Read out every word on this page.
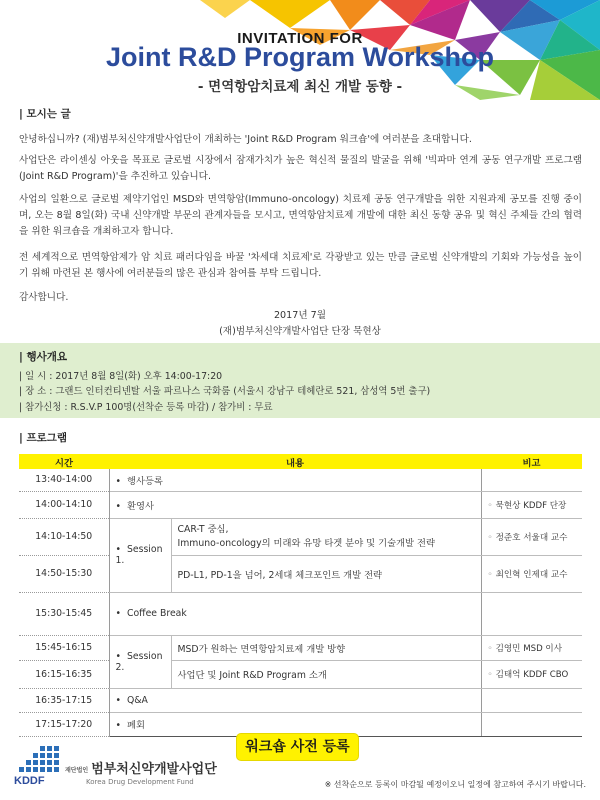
INVITATION FOR
Joint R&D Program Workshop
- 면역항암치료제 최신 개발 동향 -
| 모시는 글
안녕하십니까? (재)범부처신약개발사업단이 개최하는 'Joint R&D Program 워크숍'에 여러분을 초대합니다.
사업단은 라이센싱 아웃을 목표로 글로벌 시장에서 잠재가치가 높은 혁신적 물질의 발굴을 위해 '빅파마 연계 공동 연구개발 프로그램(Joint R&D Program)'을 추진하고 있습니다.
사업의 일환으로 글로벌 제약기업인 MSD와 면역항암(Immuno-oncology) 치료제 공동 연구개발을 위한 지원과제 공모를 진행 중이며, 오는 8월 8일(화) 국내 신약개발 부문의 관계자들을 모시고, 면역항암치료제 개발에 대한 최신 동향 공유 및 혁신 주체들 간의 협력을 위한 워크숍을 개최하고자 합니다.
전 세계적으로 면역항암제가 암 치료 패러다임을 바꿀 '차세대 치료제'로 각광받고 있는 만큼 글로벌 신약개발의 기회와 가능성을 높이기 위해 마련된 본 행사에 여러분들의 많은 관심과 참여를 부탁 드립니다.
감사합니다.
2017년 7월
(재)범부처신약개발사업단 단장 묵현상
| 행사개요
| 일 시 : 2017년 8월 8일(화) 오후 14:00-17:20
| 장 소 : 그랜드 인터컨티넨탈 서울 파르나스 국화룸 (서울시 강남구 테헤란로 521, 삼성역 5번 출구)
| 참가신청 : R.S.V.P 100명(선착순 등록 마감) / 참가비 : 무료
| 프로그램
시간	내용		비고
13:40-14:00	• 행사등록	
14:00-14:10	• 환영사		◦ 묵현상 KDDF 단장
14:10-14:50	• Session 1.	CAR-T 중심,
Immuno-oncology의 미래와 유망 타겟 분야 및 기술개발 전략	◦ 정준호 서울대 교수
14:50-15:30		PD-L1, PD-1을 넘어, 2세대 체크포인트 개발 전략	◦ 최인혁 인제대 교수
15:30-15:45	• Coffee Break	
15:45-16:15	• Session 2.	MSD가 원하는 면역항암치료제 개발 방향	◦ 김영민 MSD 이사
16:15-16:35		사업단 및 Joint R&D Program 소개	◦ 김태억 KDDF CBO
16:35-17:15	• Q&A	
17:15-17:20	• 폐회	
KDDF
재단법인 범부처신약개발사업단
Korea Drug Development Fund
워크숍 사전 등록
※ 선착순으로 등록이 마감될 예정이오니 일정에 참고하여 주시기 바랍니다.
